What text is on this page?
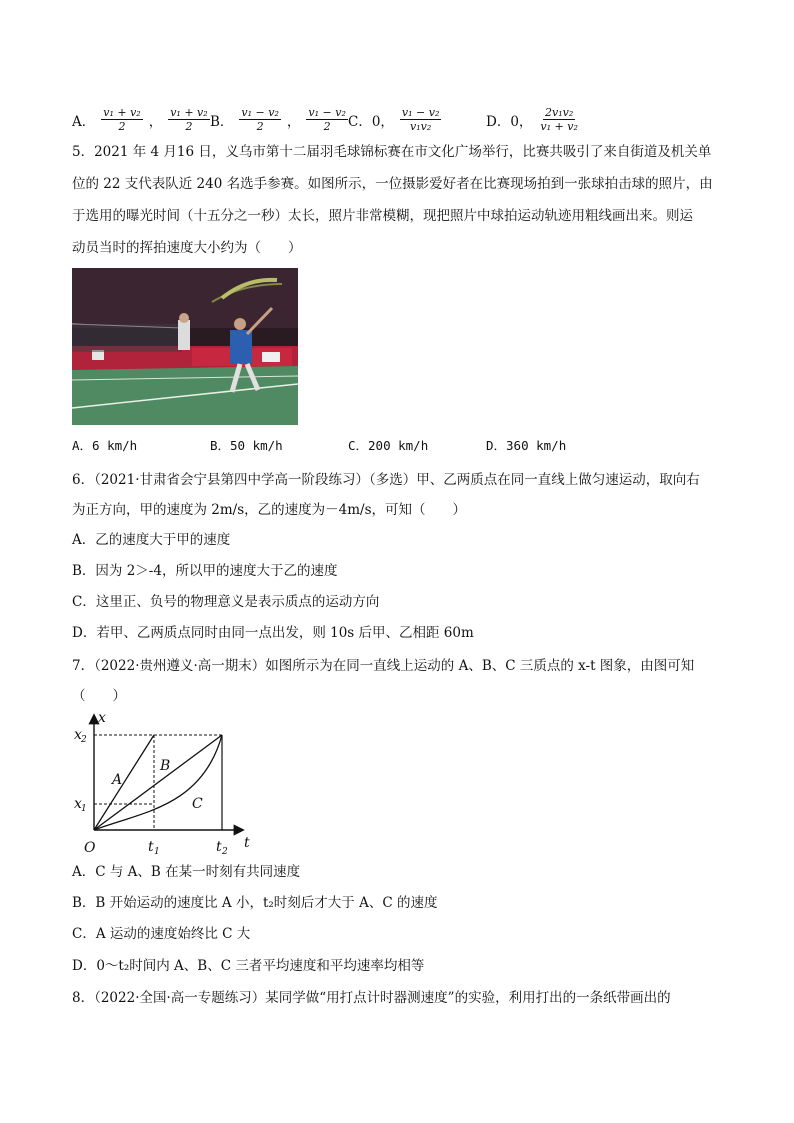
A． $\frac{\text{v₁ + v₂}}{2}$ ， $\frac{\text{v₁ + v₂}}{2}$ B． $\frac{\text{v₁ − v₂}}{2}$ ， $\frac{\text{v₁ − v₂}}{2}$ C．0， $\frac{\text{v₁ − v₂}}{\text{v₁v₂}}$	D．0， $\frac{\text{2v₁v₂}}{\text{v₁ + v₂}}$
5．2021 年 4 月16 日，义乌市第十二届羽毛球锦标赛在市文化广场举行，比赛共吸引了来自街道及机关单
位的 22 支代表队近 240 名选手参赛。如图所示，一位摄影爱好者在比赛现场拍到一张球拍击球的照片，由
于选用的曝光时间（十五分之一秒）太长，照片非常模糊，现把照片中球拍运动轨迹用粗线画出来。则运
动员当时的挥拍速度大小约为（　　）
A．6 km/h	B．50 km/h	C．200 km/h	D．360 km/h
6．（2021·甘肃省会宁县第四中学高一阶段练习）（多选）甲、乙两质点在同一直线上做匀速运动，取向右
为正方向，甲的速度为 2m/s，乙的速度为－4m/s，可知（　　）
A．乙的速度大于甲的速度
B．因为 2＞-4，所以甲的速度大于乙的速度
C．这里正、负号的物理意义是表示质点的运动方向
D．若甲、乙两质点同时由同一点出发，则 10s 后甲、乙相距 60m
7．（2022·贵州遵义·高一期末）如图所示为在同一直线上运动的 A、B、C 三质点的 x-t 图象，由图可知
（　　）
x
t
O	t 1	t 2
x 1
x 2
A
B
C
A．C 与 A、B 在某一时刻有共同速度
B．B 开始运动的速度比 A 小，t₂时刻后才大于 A、C 的速度
C．A 运动的速度始终比 C 大
D．0～t₂时间内 A、B、C 三者平均速度和平均速率均相等
8．（2022·全国·高一专题练习）某同学做“用打点计时器测速度”的实验，利用打出的一条纸带画出的
